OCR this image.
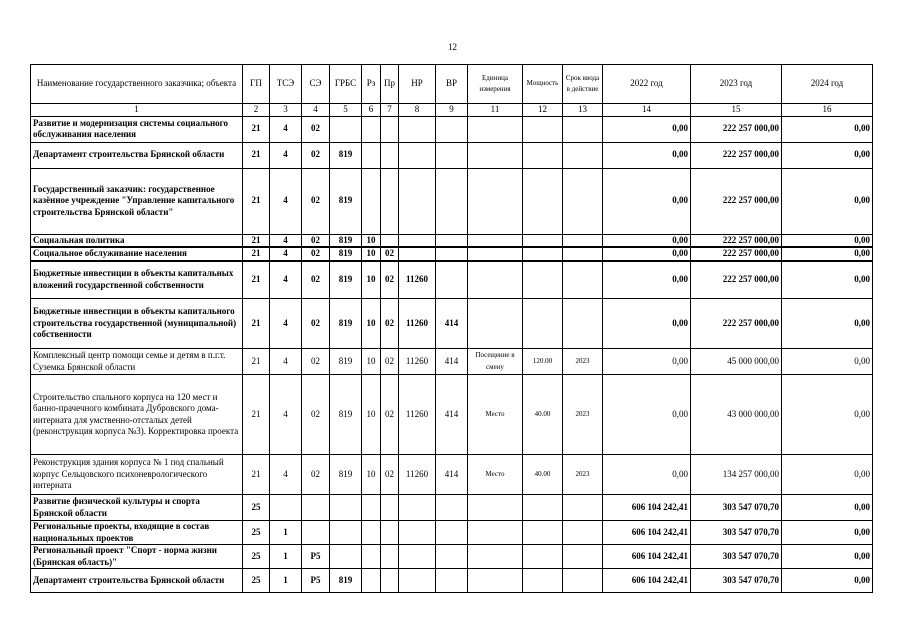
12
Наименование государственного заказчика; объекта	ГП	ТСЭ	СЭ	ГРБС	Рз	Пр	НР	ВР	Единица измерения	Мощность	Срок ввода в действие	2022 год	2023 год	2024 год
1	2	3	4	5	6	7	8	9	11	12	13	14	15	16
Развитие и модернизация системы социального обслуживания населения	21	4	02									0,00	222 257 000,00	0,00
Департамент строительства Брянской области	21	4	02	819								0,00	222 257 000,00	0,00
Государственный заказчик: государственное казённое учреждение "Управление капитального строительства Брянской области"	21	4	02	819								0,00	222 257 000,00	0,00
Социальная политика	21	4	02	819	10							0,00	222 257 000,00	0,00
Социальное обслуживание населения	21	4	02	819	10	02						0,00	222 257 000,00	0,00
Бюджетные инвестиции в объекты капитальных вложений государственной собственности	21	4	02	819	10	02	11260					0,00	222 257 000,00	0,00
Бюджетные инвестиции в объекты капитального строительства государственной (муниципальной) собственности	21	4	02	819	10	02	11260	414				0,00	222 257 000,00	0,00
Комплексный центр помощи семье и детям в п.г.т. Суземка Брянской области	21	4	02	819	10	02	11260	414	Посещение в смену	120.00	2023	0,00	45 000 000,00	0,00
Строительство спального корпуса на 120 мест и банно-прачечного комбината Дубровского дома-интерната для умственно-отсталых детей (реконструкция корпуса №3). Корректировка проекта	21	4	02	819	10	02	11260	414	Место	40.00	2023	0,00	43 000 000,00	0,00
Реконструкция здания корпуса № 1 под спальный корпус Сельцовского психоневрологического интерната	21	4	02	819	10	02	11260	414	Место	40.00	2023	0,00	134 257 000,00	0,00
Развитие физической культуры и спорта Брянской области	25											606 104 242,41	303 547 070,70	0,00
Региональные проекты, входящие в состав национальных проектов	25	1										606 104 242,41	303 547 070,70	0,00
Региональный проект "Спорт - норма жизни (Брянская область)"	25	1	P5									606 104 242,41	303 547 070,70	0,00
Департамент строительства Брянской области	25	1	P5	819								606 104 242,41	303 547 070,70	0,00
